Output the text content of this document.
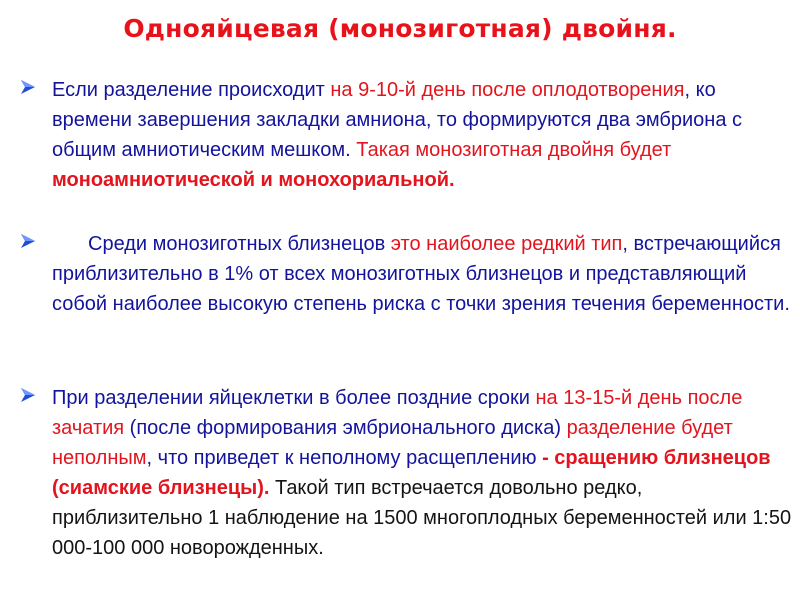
Однояйцевая (монозиготная) двойня.
Если разделение происходит на 9-10-й день после оплодотворения, ко времени завершения закладки амниона, то формируются два эмбриона с общим амниотическим мешком. Такая монозиготная двойня будет моноамниотической и монохориальной.
Среди монозиготных близнецов это наиболее редкий тип, встречающийся приблизительно в 1% от всех монозиготных близнецов и представляющий собой наиболее высокую степень риска с точки зрения течения беременности.
При разделении яйцеклетки в более поздние сроки на 13-15-й день после зачатия (после формирования эмбрионального диска) разделение будет неполным, что приведет к неполному расщеплению - сращению близнецов (сиамские близнецы). Такой тип встречается довольно редко, приблизительно 1 наблюдение на 1500 многоплодных беременностей или 1:50 000-100 000 новорожденных.
